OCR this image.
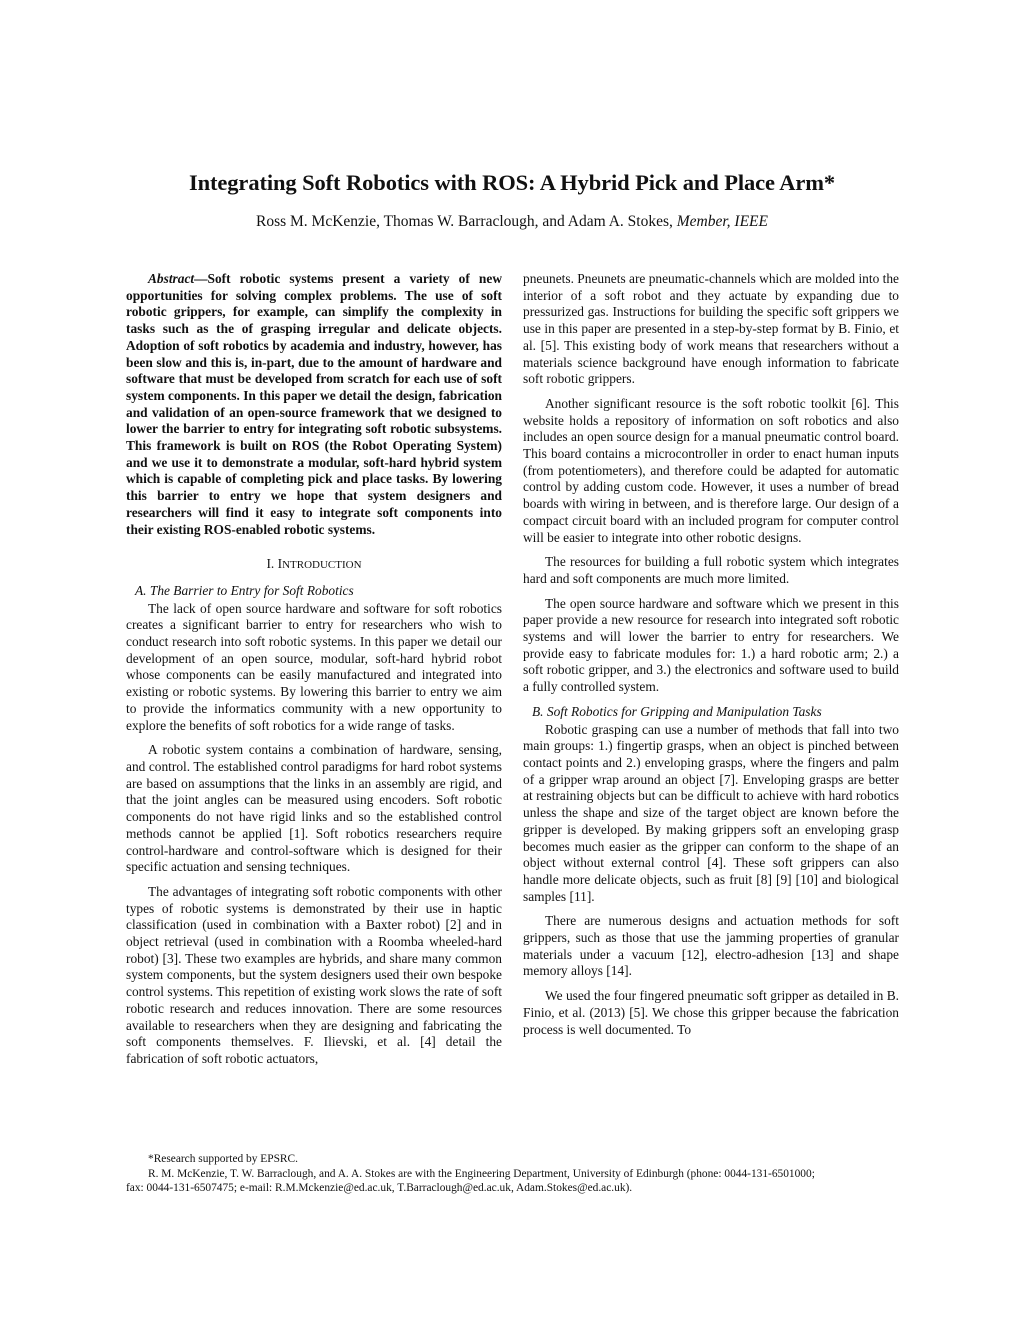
Integrating Soft Robotics with ROS: A Hybrid Pick and Place Arm*
Ross M. McKenzie, Thomas W. Barraclough, and Adam A. Stokes, Member, IEEE

Abstract—Soft robotic systems present a variety of new opportunities for solving complex problems. The use of soft robotic grippers, for example, can simplify the complexity in tasks such as the of grasping irregular and delicate objects. Adoption of soft robotics by academia and industry, however, has been slow and this is, in-part, due to the amount of hardware and software that must be developed from scratch for each use of soft system components. In this paper we detail the design, fabrication and validation of an open-source framework that we designed to lower the barrier to entry for integrating soft robotic subsystems. This framework is built on ROS (the Robot Operating System) and we use it to demonstrate a modular, soft-hard hybrid system which is capable of completing pick and place tasks. By lowering this barrier to entry we hope that system designers and researchers will find it easy to integrate soft components into their existing ROS-enabled robotic systems.

I. INTRODUCTION
A. The Barrier to Entry for Soft Robotics

The lack of open source hardware and software for soft robotics creates a significant barrier to entry for researchers who wish to conduct research into soft robotic systems. In this paper we detail our development of an open source, modular, soft-hard hybrid robot whose components can be easily manufactured and integrated into existing or robotic systems. By lowering this barrier to entry we aim to provide the informatics community with a new opportunity to explore the benefits of soft robotics for a wide range of tasks.

A robotic system contains a combination of hardware, sensing, and control. The established control paradigms for hard robot systems are based on assumptions that the links in an assembly are rigid, and that the joint angles can be measured using encoders. Soft robotic components do not have rigid links and so the established control methods cannot be applied [1]. Soft robotics researchers require control-hardware and control-software which is designed for their specific actuation and sensing techniques.

The advantages of integrating soft robotic components with other types of robotic systems is demonstrated by their use in haptic classification (used in combination with a Baxter robot) [2] and in object retrieval (used in combination with a Roomba wheeled-hard robot) [3]. These two examples are hybrids, and share many common system components, but the system designers used their own bespoke control systems. This repetition of existing work slows the rate of soft robotic research and reduces innovation. There are some resources available to researchers when they are designing and fabricating the soft components themselves. F. Ilievski, et al. [4] detail the fabrication of soft robotic actuators,

pneunets. Pneunets are pneumatic-channels which are molded into the interior of a soft robot and they actuate by expanding due to pressurized gas. Instructions for building the specific soft grippers we use in this paper are presented in a step-by-step format by B. Finio, et al. [5]. This existing body of work means that researchers without a materials science background have enough information to fabricate soft robotic grippers.

Another significant resource is the soft robotic toolkit [6]. This website holds a repository of information on soft robotics and also includes an open source design for a manual pneumatic control board. This board contains a microcontroller in order to enact human inputs (from potentiometers), and therefore could be adapted for automatic control by adding custom code. However, it uses a number of bread boards with wiring in between, and is therefore large. Our design of a compact circuit board with an included program for computer control will be easier to integrate into other robotic designs.

The resources for building a full robotic system which integrates hard and soft components are much more limited.

The open source hardware and software which we present in this paper provide a new resource for research into integrated soft robotic systems and will lower the barrier to entry for researchers. We provide easy to fabricate modules for: 1.) a hard robotic arm; 2.) a soft robotic gripper, and 3.) the electronics and software used to build a fully controlled system.

B. Soft Robotics for Gripping and Manipulation Tasks

Robotic grasping can use a number of methods that fall into two main groups: 1.) fingertip grasps, when an object is pinched between contact points and 2.) enveloping grasps, where the fingers and palm of a gripper wrap around an object [7]. Enveloping grasps are better at restraining objects but can be difficult to achieve with hard robotics unless the shape and size of the target object are known before the gripper is developed. By making grippers soft an enveloping grasp becomes much easier as the gripper can conform to the shape of an object without external control [4]. These soft grippers can also handle more delicate objects, such as fruit [8] [9] [10] and biological samples [11].

There are numerous designs and actuation methods for soft grippers, such as those that use the jamming properties of granular materials under a vacuum [12], electro-adhesion [13] and shape memory alloys [14].

We used the four fingered pneumatic soft gripper as detailed in B. Finio, et al. (2013) [5]. We chose this gripper because the fabrication process is well documented. To

*Research supported by EPSRC.
R. M. McKenzie, T. W. Barraclough, and A. A. Stokes are with the Engineering Department, University of Edinburgh (phone: 0044-131-6501000;
fax: 0044-131-6507475; e-mail: R.M.Mckenzie@ed.ac.uk, T.Barraclough@ed.ac.uk, Adam.Stokes@ed.ac.uk).
